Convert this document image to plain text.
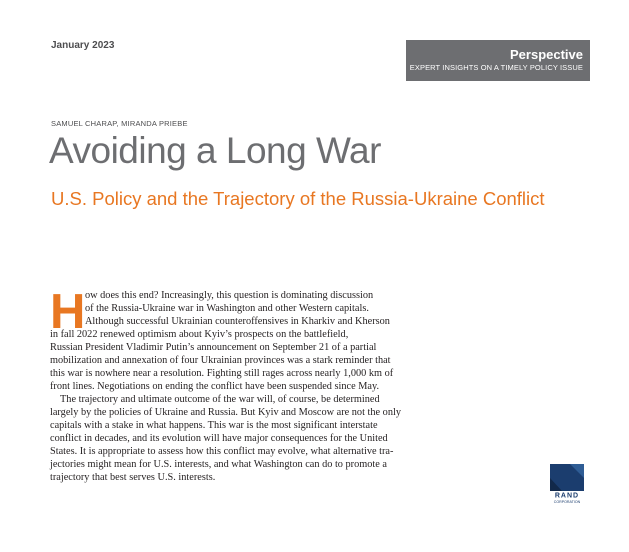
January 2023
Perspective
EXPERT INSIGHTS ON A TIMELY POLICY ISSUE
SAMUEL CHARAP, MIRANDA PRIEBE
Avoiding a Long War
U.S. Policy and the Trajectory of the Russia-Ukraine Conflict
H ow does this end? Increasingly, this question is dominating discussion
of the Russia-Ukraine war in Washington and other Western capitals.
Although successful Ukrainian counteroffensives in Kharkiv and Kherson
in fall 2022 renewed optimism about Kyiv’s prospects on the battlefield,
Russian President Vladimir Putin’s announcement on September 21 of a partial
mobilization and annexation of four Ukrainian provinces was a stark reminder that
this war is nowhere near a resolution. Fighting still rages across nearly 1,000 km of
front lines. Negotiations on ending the conflict have been suspended since May.
The trajectory and ultimate outcome of the war will, of course, be determined
largely by the policies of Ukraine and Russia. But Kyiv and Moscow are not the only
capitals with a stake in what happens. This war is the most significant interstate
conflict in decades, and its evolution will have major consequences for the United
States. It is appropriate to assess how this conflict may evolve, what alternative tra-
jectories might mean for U.S. interests, and what Washington can do to promote a
trajectory that best serves U.S. interests.
RAND
CORPORATION
